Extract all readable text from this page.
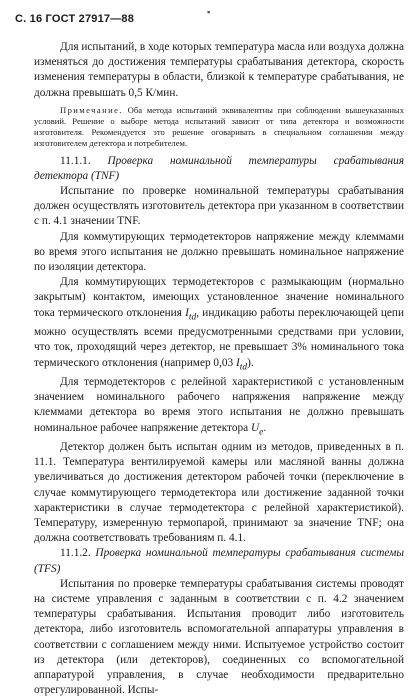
С. 16 ГОСТ 27917—88
▪

Для испытаний, в ходе которых температура масла или воздуха должна изменяться до достижения температуры срабатывания детектора, скорость изменения температуры в области, близкой к температуре срабатывания, не должна превышать 0,5 К/мин.

Примечание. Оба метода испытаний эквивалентны при соблюдении вышеуказанных условий. Решение о выборе метода испытаний зависит от типа детектора и возможности изготовителя. Рекомендуется это решение оговаривать в специальном соглашении между изготовителем детектора и потребителем.
11.1.1. Проверка номинальной температуры срабатывания детектора (TNF)

Испытание по проверке номинальной температуры срабатывания должен осуществлять изготовитель детектора при указанном в соответствии с п. 4.1 значении TNF.

Для коммутирующих термодетекторов напряжение между клеммами во время этого испытания не должно превышать номинальное напряжение по изоляции детектора.

Для коммутирующих термодетекторов с размыкающим (нормально закрытым) контактом, имеющих установленное значение номинального тока термического отклонения $I_{td}$, индикацию работы переключающей цепи можно осуществлять всеми предусмотренными средствами при условии, что ток, проходящий через детектор, не превышает 3% номинального тока термического отклонения (например 0,03 $I_{td}$).

Для термодетекторов с релейной характеристикой с установленным значением номинального рабочего напряжения напряжение между клеммами детектора во время этого испытания не должно превышать номинальное рабочее напряжение детектора $U_e$.

Детектор должен быть испытан одним из методов, приведенных в п. 11.1. Температура вентилируемой камеры или масляной ванны должна увеличиваться до достижения детектором рабочей точки (переключение в случае коммутирующего термодетектора или достижение заданной точки характеристики в случае термодетектора с релейной характеристикой). Температуру, измеренную термопарой, принимают за значение TNF; она должна соответствовать требованиям п. 4.1.

11.1.2. Проверка номинальной температуры срабатывания системы (TFS)

Испытания по проверке температуры срабатывания системы проводят на системе управления с заданным в соответствии с п. 4.2 значением температуры срабатывания. Испытания проводит либо изготовитель детектора, либо изготовитель вспомогательной аппаратуры управления в соответствии с соглашением между ними. Испытуемое устройство состоит из детектора (или детекторов), соединенных со вспомогательной аппаратурой управления, в случае необходимости предварительно отрегулированной. Испы-
